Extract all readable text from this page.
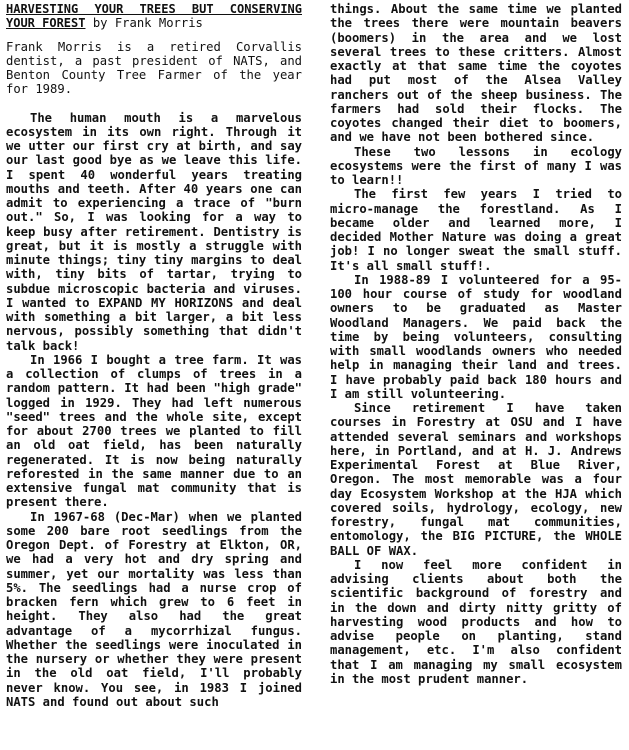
HARVESTING YOUR TREES BUT CONSERVING YOUR FOREST by Frank Morris

Frank Morris is a retired Corvallis dentist, a past president of NATS, and Benton County Tree Farmer of the year for 1989.

The human mouth is a marvelous ecosystem in its own right. Through it we utter our first cry at birth, and say our last good bye as we leave this life. I spent 40 wonderful years treating mouths and teeth. After 40 years one can admit to experiencing a trace of "burn out." So, I was looking for a way to keep busy after retirement. Dentistry is great, but it is mostly a struggle with minute things; tiny tiny margins to deal with, tiny bits of tartar, trying to subdue microscopic bacteria and viruses. I wanted to EXPAND MY HORIZONS and deal with something a bit larger, a bit less nervous, possibly something that didn't talk back!

In 1966 I bought a tree farm. It was a collection of clumps of trees in a random pattern. It had been "high grade" logged in 1929. They had left numerous "seed" trees and the whole site, except for about 2700 trees we planted to fill an old oat field, has been naturally regenerated. It is now being naturally reforested in the same manner due to an extensive fungal mat community that is present there.

In 1967-68 (Dec-Mar) when we planted some 200 bare root seedlings from the Oregon Dept. of Forestry at Elkton, OR, we had a very hot and dry spring and summer, yet our mortality was less than 5%. The seedlings had a nurse crop of bracken fern which grew to 6 feet in height. They also had the great advantage of a mycorrhizal fungus. Whether the seedlings were inoculated in the nursery or whether they were present in the old oat field, I'll probably never know. You see, in 1983 I joined NATS and found out about such

things. About the same time we planted the trees there were mountain beavers (boomers) in the area and we lost several trees to these critters. Almost exactly at that same time the coyotes had put most of the Alsea Valley ranchers out of the sheep business. The farmers had sold their flocks. The coyotes changed their diet to boomers, and we have not been bothered since.

These two lessons in ecology ecosystems were the first of many I was to learn!!

The first few years I tried to micro-manage the forestland. As I became older and learned more, I decided Mother Nature was doing a great job! I no longer sweat the small stuff. It's all small stuff!.

In 1988-89 I volunteered for a 95-100 hour course of study for woodland owners to be graduated as Master Woodland Managers. We paid back the time by being volunteers, consulting with small woodlands owners who needed help in managing their land and trees. I have probably paid back 180 hours and I am still volunteering.

Since retirement I have taken courses in Forestry at OSU and I have attended several seminars and workshops here, in Portland, and at H. J. Andrews Experimental Forest at Blue River, Oregon. The most memorable was a four day Ecosystem Workshop at the HJA which covered soils, hydrology, ecology, new forestry, fungal mat communities, entomology, the BIG PICTURE, the WHOLE BALL OF WAX.

I now feel more confident in advising clients about both the scientific background of forestry and in the down and dirty nitty gritty of harvesting wood products and how to advise people on planting, stand management, etc. I'm also confident that I am managing my small ecosystem in the most prudent manner.
